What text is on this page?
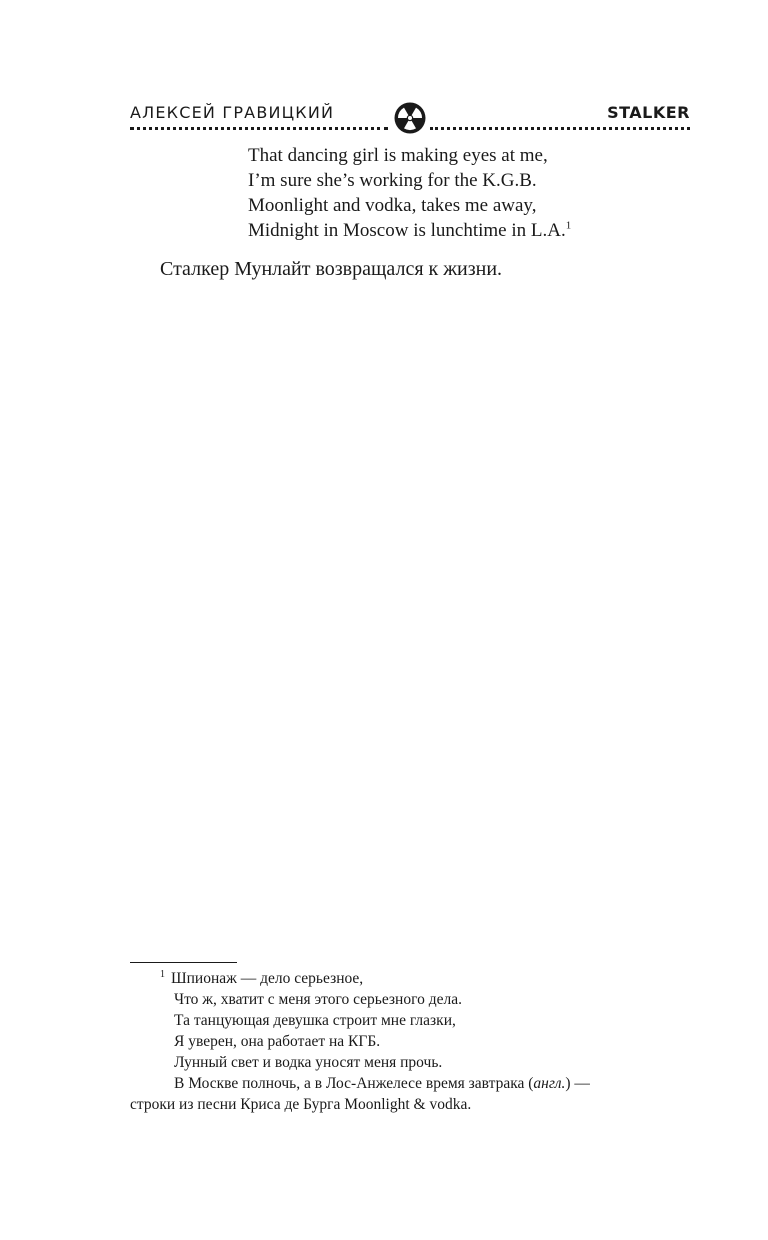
АЛЕКСЕЙ ГРАВИЦКИЙ	STALKER
That dancing girl is making eyes at me,
I’m sure she’s working for the K.G.B.
Moonlight and vodka, takes me away,
Midnight in Moscow is lunchtime in L.A.$^1$
Сталкер Мунлайт возвращался к жизни.
$^1$ Шпионаж — дело серьезное,
Что ж, хватит с меня этого серьезного дела.
Та танцующая девушка строит мне глазки,
Я уверен, она работает на КГБ.
Лунный свет и водка уносят меня прочь.
В Москве полночь, а в Лос-Анжелесе время завтрака (англ.) —
строки из песни Криса де Бурга Moonlight & vodka.
